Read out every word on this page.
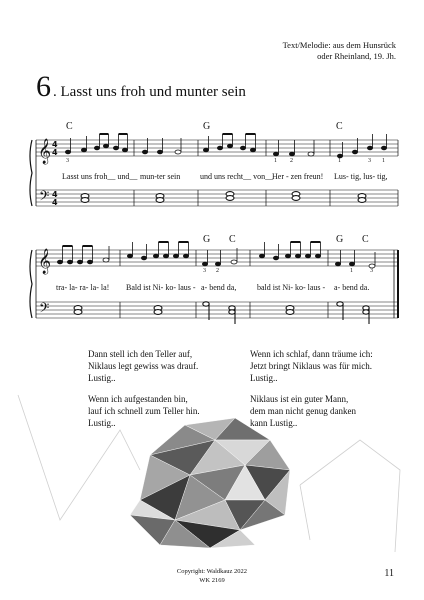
𝄞
𝄢
4
4
4
4
𝄞
𝄢
Text/Melodie: aus dem Hunsrück
oder Rheinland, 19. Jh.
6 . Lasst uns froh und munter sein
C	G	C
3	1 2	1	3 1
Lasst uns froh__ und__ mun-ter sein und uns recht__ von__
Her - zen freun! Lus- tig, lus- tig,
G C	G C
3 2	1	3
tra- la- ra- la- la! Bald ist Ni- ko- laus - a- bend da,	bald ist Ni- ko- laus - a- bend da.

Dann stell ich den Teller auf,
Niklaus legt gewiss was drauf.
Lustig..

Wenn ich aufgestanden bin,
lauf ich schnell zum Teller hin.
Lustig..

Wenn ich schlaf, dann träume ich:
Jetzt bringt Niklaus was für mich.
Lustig..

Niklaus ist ein guter Mann,
dem man nicht genug danken
kann Lustig..

Copyright: Waldkauz 2022
WK 2169
11
